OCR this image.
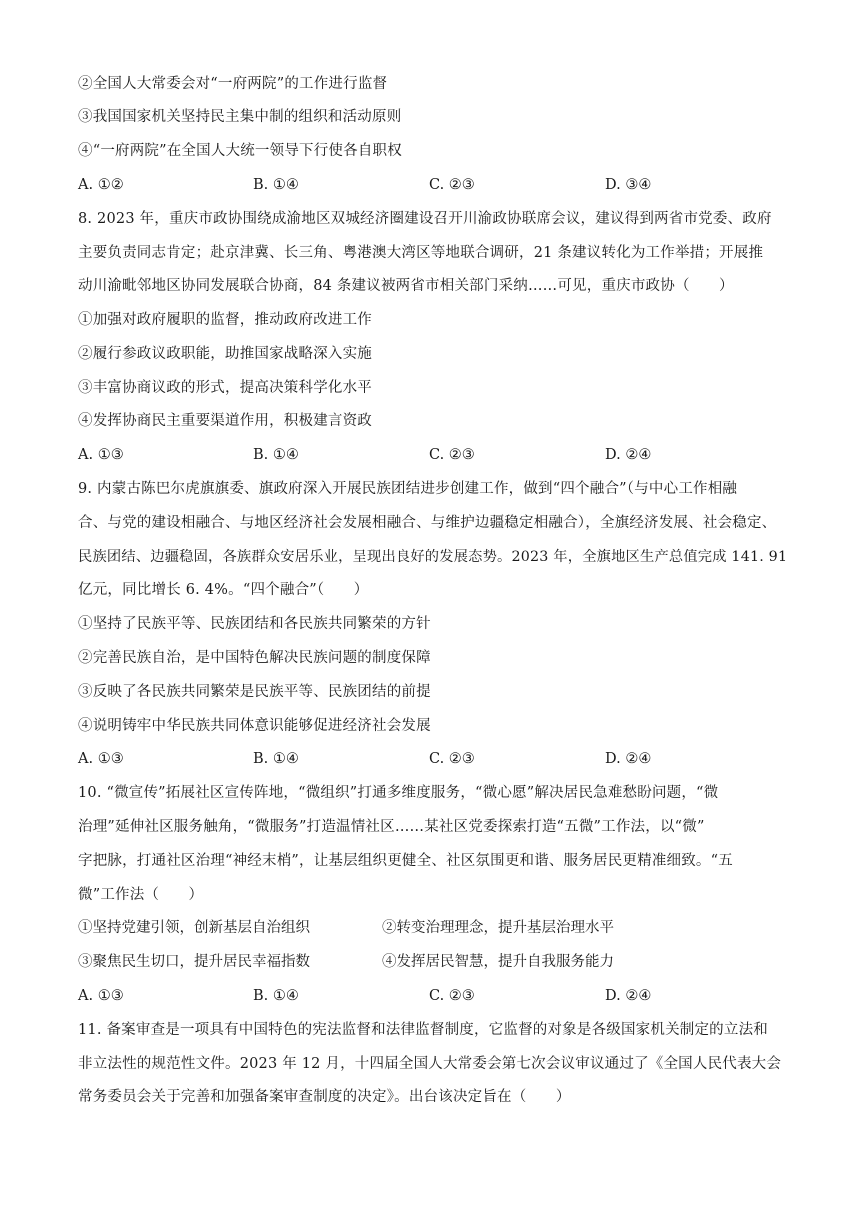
②全国人大常委会对“一府两院”的工作进行监督
③我国国家机关坚持民主集中制的组织和活动原则
④“一府两院”在全国人大统一领导下行使各自职权
A. ①②	B. ①④	C. ②③	D. ③④
8. 2023 年，重庆市政协围绕成渝地区双城经济圈建设召开川渝政协联席会议，建议得到两省市党委、政府
主要负责同志肯定；赴京津冀、长三角、粤港澳大湾区等地联合调研，21 条建议转化为工作举措；开展推
动川渝毗邻地区协同发展联合协商，84 条建议被两省市相关部门采纳……可见，重庆市政协（　　）
①加强对政府履职的监督，推动政府改进工作
②履行参政议政职能，助推国家战略深入实施
③丰富协商议政的形式，提高决策科学化水平
④发挥协商民主重要渠道作用，积极建言资政
A. ①③	B. ①④	C. ②③	D. ②④
9. 内蒙古陈巴尔虎旗旗委、旗政府深入开展民族团结进步创建工作，做到“四个融合”（与中心工作相融
合、与党的建设相融合、与地区经济社会发展相融合、与维护边疆稳定相融合），全旗经济发展、社会稳定、
民族团结、边疆稳固，各族群众安居乐业，呈现出良好的发展态势。2023 年，全旗地区生产总值完成 141. 91
亿元，同比增长 6. 4%。“四个融合”（　　）
①坚持了民族平等、民族团结和各民族共同繁荣的方针
②完善民族自治，是中国特色解决民族问题的制度保障
③反映了各民族共同繁荣是民族平等、民族团结的前提
④说明铸牢中华民族共同体意识能够促进经济社会发展
A. ①③	B. ①④	C. ②③	D. ②④
10. “微宣传”拓展社区宣传阵地，“微组织”打通多维度服务，“微心愿”解决居民急难愁盼问题，“微
治理”延伸社区服务触角，“微服务”打造温情社区……某社区党委探索打造“五微”工作法，以“微”
字把脉，打通社区治理“神经末梢”，让基层组织更健全、社区氛围更和谐、服务居民更精准细致。“五
微”工作法（　　）
①坚持党建引领，创新基层自治组织	②转变治理理念，提升基层治理水平
③聚焦民生切口，提升居民幸福指数	④发挥居民智慧，提升自我服务能力
A. ①③	B. ①④	C. ②③	D. ②④
11. 备案审查是一项具有中国特色的宪法监督和法律监督制度，它监督的对象是各级国家机关制定的立法和
非立法性的规范性文件。2023 年 12 月，十四届全国人大常委会第七次会议审议通过了《全国人民代表大会
常务委员会关于完善和加强备案审查制度的决定》。出台该决定旨在（　　）
